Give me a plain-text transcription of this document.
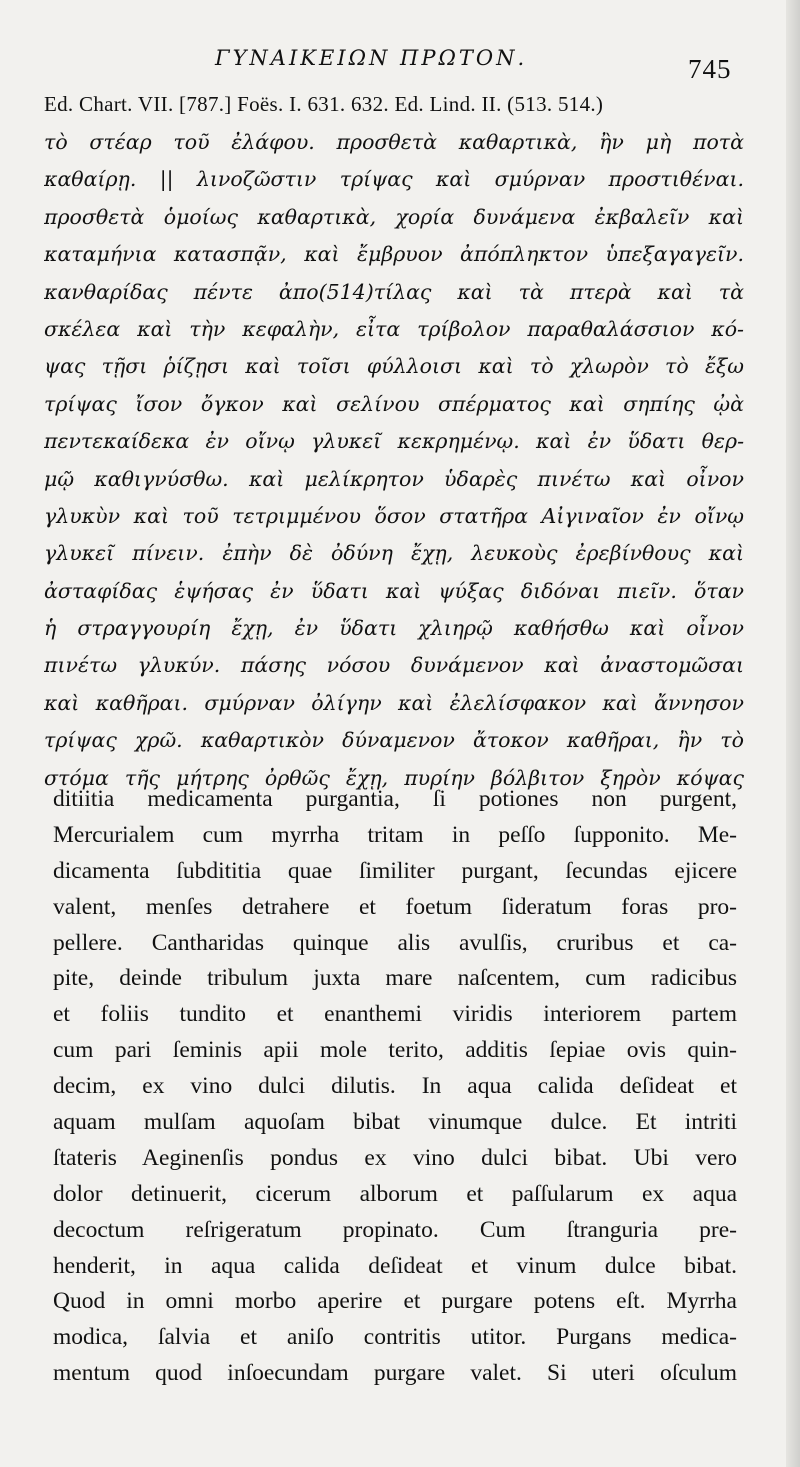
ΓΥΝΑΙΚΕΙΩΝ ΠΡΩΤΟΝ.	745
Ed. Chart. VII. [787.] Foës. I. 631. 632. Ed. Lind. II. (513. 514.)
τὸ στέαρ τοῦ ἐλάφου. προσθετὰ καθαρτικὰ, ἢν μὴ ποτὰ
καθαίρῃ. || λινοζῶστιν τρίψας καὶ σμύρναν προστιθέναι.
προσθετὰ ὁμοίως καθαρτικὰ, χορία δυνάμενα ἐκβαλεῖν καὶ
καταμήνια κατασπᾷν, καὶ ἔμβρυον ἀπόπληκτον ὑπεξαγαγεῖν.
κανθαρίδας πέντε ἀπο(514)τίλας καὶ τὰ πτερὰ καὶ τὰ
σκέλεα καὶ τὴν κεφαλὴν, εἶτα τρίβολον παραθαλάσσιον κό-
ψας τῇσι ῥίζῃσι καὶ τοῖσι φύλλοισι καὶ τὸ χλωρὸν τὸ ἔξω
τρίψας ἴσον ὄγκον καὶ σελίνου σπέρματος καὶ σηπίης ᾠὰ
πεντεκαίδεκα ἐν οἴνῳ γλυκεῖ κεκρημένῳ. καὶ ἐν ὕδατι θερ-
μῷ καθιγνύσθω. καὶ μελίκρητον ὑδαρὲς πινέτω καὶ οἶνον
γλυκὺν καὶ τοῦ τετριμμένου ὅσον στατῆρα Αἰγιναῖον ἐν οἴνῳ
γλυκεῖ πίνειν. ἐπὴν δὲ ὀδύνη ἔχῃ, λευκοὺς ἐρεβίνθους καὶ
ἀσταφίδας ἑψήσας ἐν ὕδατι καὶ ψύξας διδόναι πιεῖν. ὅταν
ἡ στραγγουρίη ἔχῃ, ἐν ὕδατι χλιηρῷ καθήσθω καὶ οἶνον
πινέτω γλυκύν. πάσης νόσου δυνάμενον καὶ ἀναστομῶσαι
καὶ καθῆραι. σμύρναν ὀλίγην καὶ ἐλελίσφακον καὶ ἄννησον
τρίψας χρῶ. καθαρτικὸν δύναμενον ἄτοκον καθῆραι, ἢν τὸ
στόμα τῆς μήτρης ὀρθῶς ἔχῃ, πυρίην βόλβιτον ξηρὸν κόψας
ditiitia medicamenta purgantia, ſi potiones non purgent,
Mercurialem cum myrrha tritam in peſſo ſupponito. Me-
dicamenta ſubdititia quae ſimiliter purgant, ſecundas ejicere
valent, menſes detrahere et foetum ſideratum foras pro-
pellere. Cantharidas quinque alis avulſis, cruribus et ca-
pite, deinde tribulum juxta mare naſcentem, cum radicibus
et foliis tundito et enanthemi viridis interiorem partem
cum pari ſeminis apii mole terito, additis ſepiae ovis quin-
decim, ex vino dulci dilutis. In aqua calida deſideat et
aquam mulſam aquoſam bibat vinumque dulce. Et intriti
ſtateris Aeginenſis pondus ex vino dulci bibat. Ubi vero
dolor detinuerit, cicerum alborum et paſſularum ex aqua
decoctum reſrigeratum propinato. Cum ſtranguria pre-
henderit, in aqua calida deſideat et vinum dulce bibat.
Quod in omni morbo aperire et purgare potens eſt. Myrrha
modica, ſalvia et aniſo contritis utitor. Purgans medica-
mentum quod inſoecundam purgare valet. Si uteri oſculum
